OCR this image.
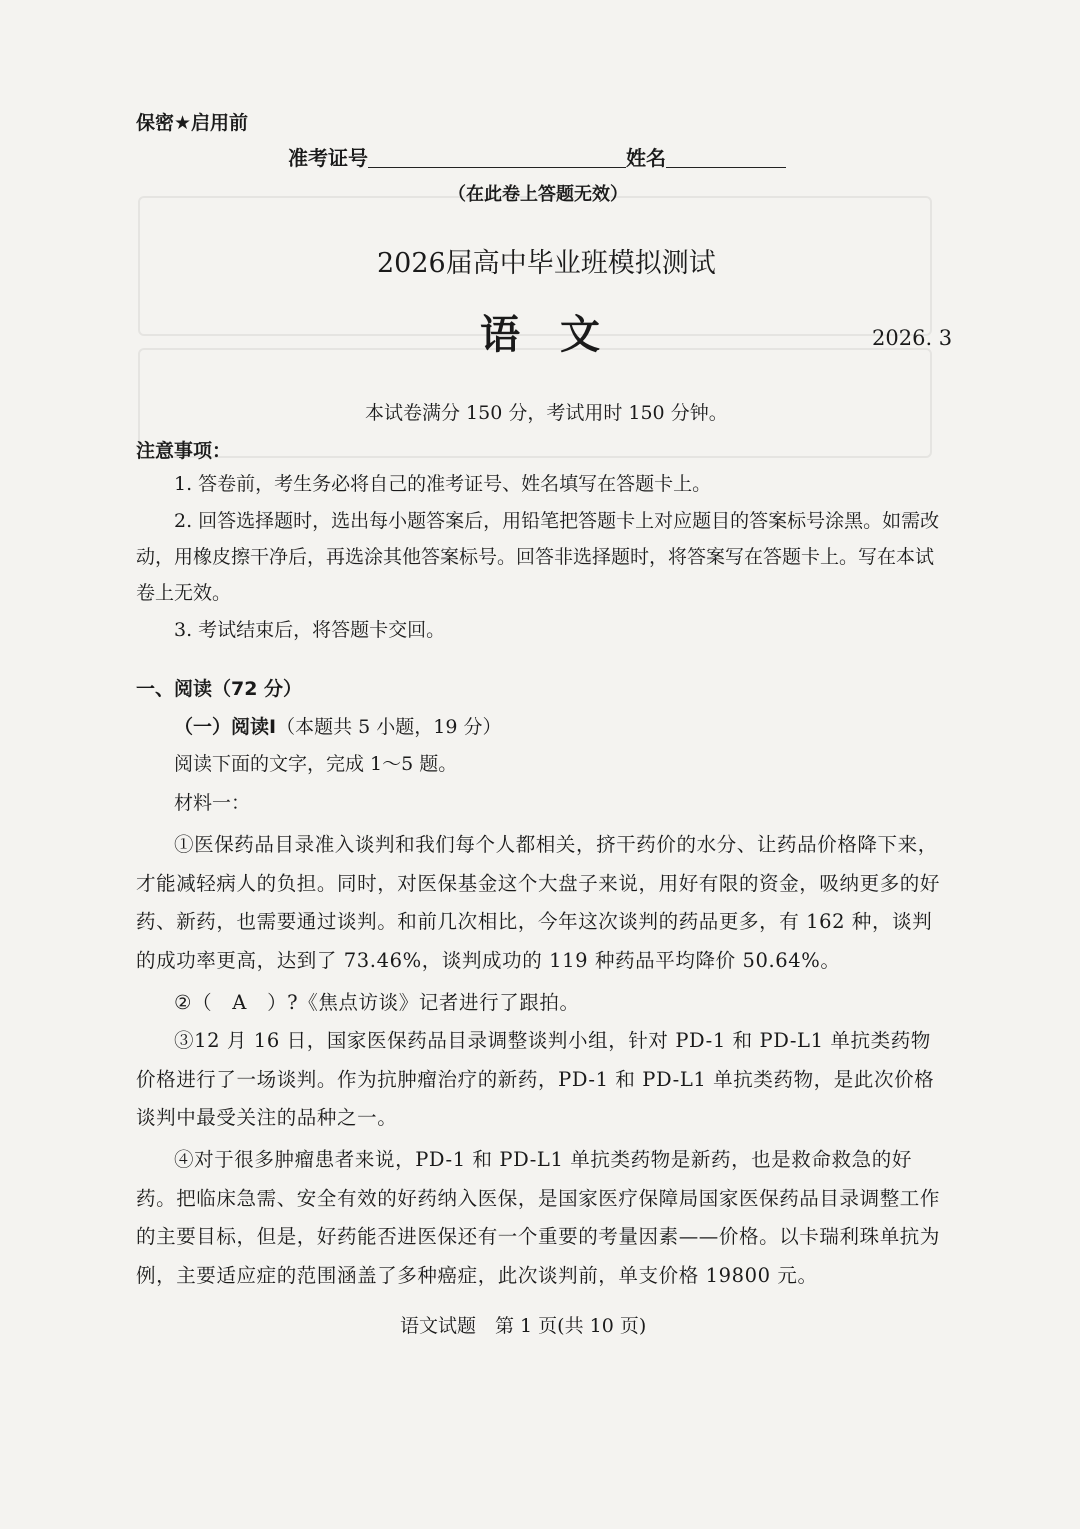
保密★启用前
准考证号	姓名
（在此卷上答题无效）
2026届高中毕业班模拟测试
语文	2026. 3
本试卷满分 150 分，考试用时 150 分钟。
注意事项：
1. 答卷前，考生务必将自己的准考证号、姓名填写在答题卡上。
2. 回答选择题时，选出每小题答案后，用铅笔把答题卡上对应题目的答案标号涂黑。如需改动，用橡皮擦干净后，再选涂其他答案标号。回答非选择题时，将答案写在答题卡上。写在本试卷上无效。
3. 考试结束后，将答题卡交回。
一、阅读（72 分）
（一）阅读Ⅰ（本题共 5 小题，19 分）
阅读下面的文字，完成 1～5 题。
材料一：
①医保药品目录准入谈判和我们每个人都相关，挤干药价的水分、让药品价格降下来，才能减轻病人的负担。同时，对医保基金这个大盘子来说，用好有限的资金，吸纳更多的好药、新药，也需要通过谈判。和前几次相比，今年这次谈判的药品更多，有 162 种，谈判的成功率更高，达到了 73.46%，谈判成功的 119 种药品平均降价 50.64%。
②（　A　）?《焦点访谈》记者进行了跟拍。
③12 月 16 日，国家医保药品目录调整谈判小组，针对 PD-1 和 PD-L1 单抗类药物价格进行了一场谈判。作为抗肿瘤治疗的新药，PD-1 和 PD-L1 单抗类药物，是此次价格谈判中最受关注的品种之一。
④对于很多肿瘤患者来说，PD-1 和 PD-L1 单抗类药物是新药，也是救命救急的好药。把临床急需、安全有效的好药纳入医保，是国家医疗保障局国家医保药品目录调整工作的主要目标，但是，好药能否进医保还有一个重要的考量因素——价格。以卡瑞利珠单抗为例，主要适应症的范围涵盖了多种癌症，此次谈判前，单支价格 19800 元。
语文试题　第 1 页(共 10 页)
